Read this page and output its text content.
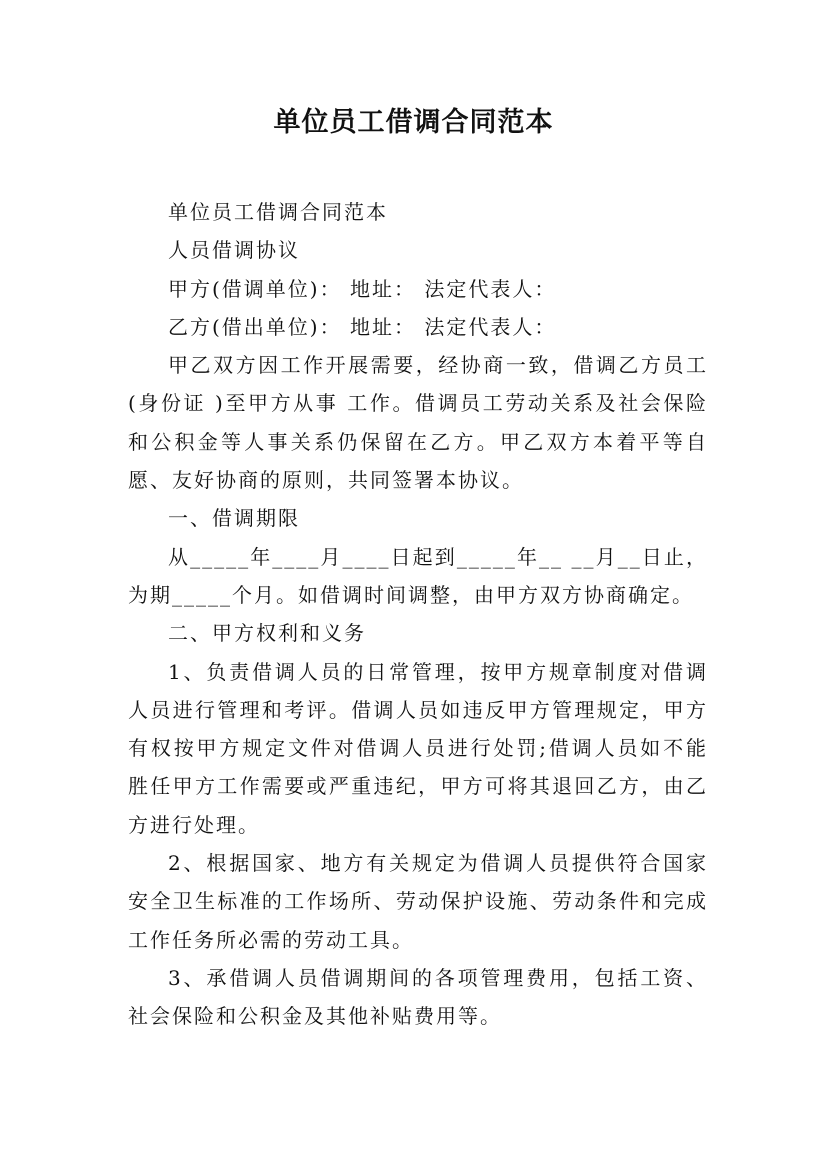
单位员工借调合同范本

单位员工借调合同范本

人员借调协议

甲方(借调单位)： 地址： 法定代表人：

乙方(借出单位)： 地址： 法定代表人：

甲乙双方因工作开展需要，经协商一致，借调乙方员工 (身份证 )至甲方从事 工作。借调员工劳动关系及社会保险和公积金等人事关系仍保留在乙方。甲乙双方本着平等自愿、友好协商的原则，共同签署本协议。

一、借调期限

从_____年____月____日起到_____年__ __月__日止，为期_____个月。如借调时间调整，由甲方双方协商确定。

二、甲方权利和义务

1、负责借调人员的日常管理，按甲方规章制度对借调人员进行管理和考评。借调人员如违反甲方管理规定，甲方有权按甲方规定文件对借调人员进行处罚;借调人员如不能胜任甲方工作需要或严重违纪，甲方可将其退回乙方，由乙方进行处理。

2、根据国家、地方有关规定为借调人员提供符合国家安全卫生标准的工作场所、劳动保护设施、劳动条件和完成工作任务所必需的劳动工具。

3、承借调人员借调期间的各项管理费用，包括工资、社会保险和公积金及其他补贴费用等。
